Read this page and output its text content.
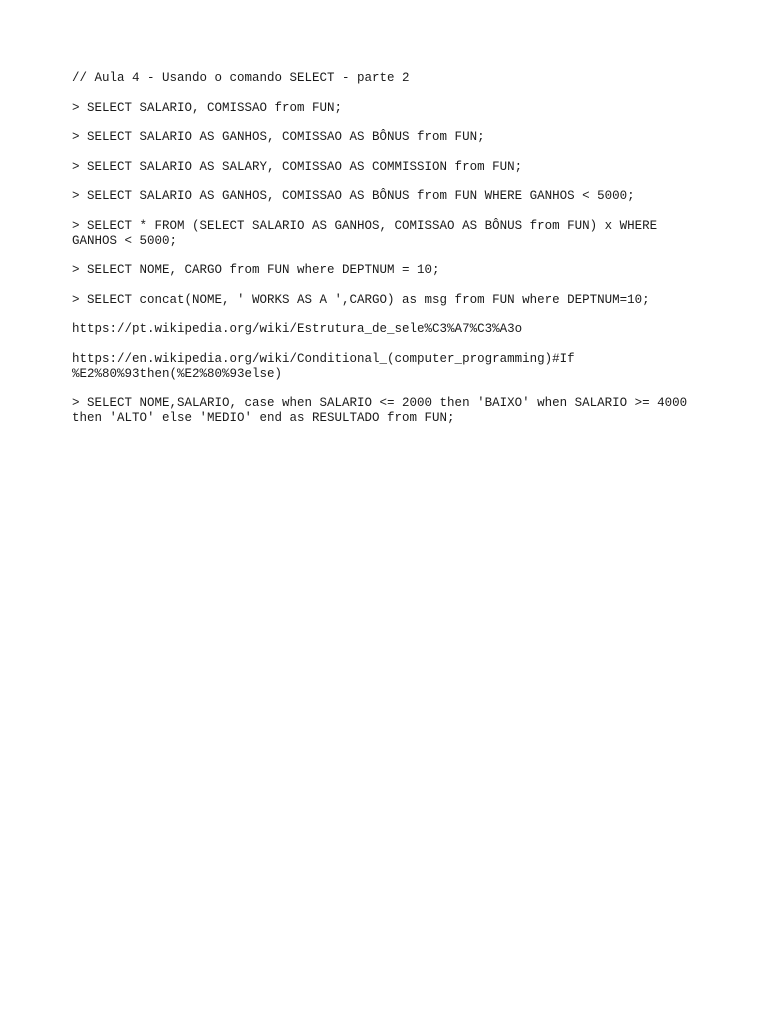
// Aula 4 - Usando o comando SELECT - parte 2

> SELECT SALARIO, COMISSAO from FUN;

> SELECT SALARIO AS GANHOS, COMISSAO AS BÔNUS from FUN;

> SELECT SALARIO AS SALARY, COMISSAO AS COMMISSION from FUN;

> SELECT SALARIO AS GANHOS, COMISSAO AS BÔNUS from FUN WHERE GANHOS < 5000;

> SELECT * FROM (SELECT SALARIO AS GANHOS, COMISSAO AS BÔNUS from FUN) x WHERE
GANHOS < 5000;

> SELECT NOME, CARGO from FUN where DEPTNUM = 10;

> SELECT concat(NOME, ' WORKS AS A ',CARGO) as msg from FUN where DEPTNUM=10;

https://pt.wikipedia.org/wiki/Estrutura_de_sele%C3%A7%C3%A3o

https://en.wikipedia.org/wiki/Conditional_(computer_programming)#If
%E2%80%93then(%E2%80%93else)

> SELECT NOME,SALARIO, case when SALARIO <= 2000 then 'BAIXO' when SALARIO >= 4000
then 'ALTO' else 'MEDIO' end as RESULTADO from FUN;
